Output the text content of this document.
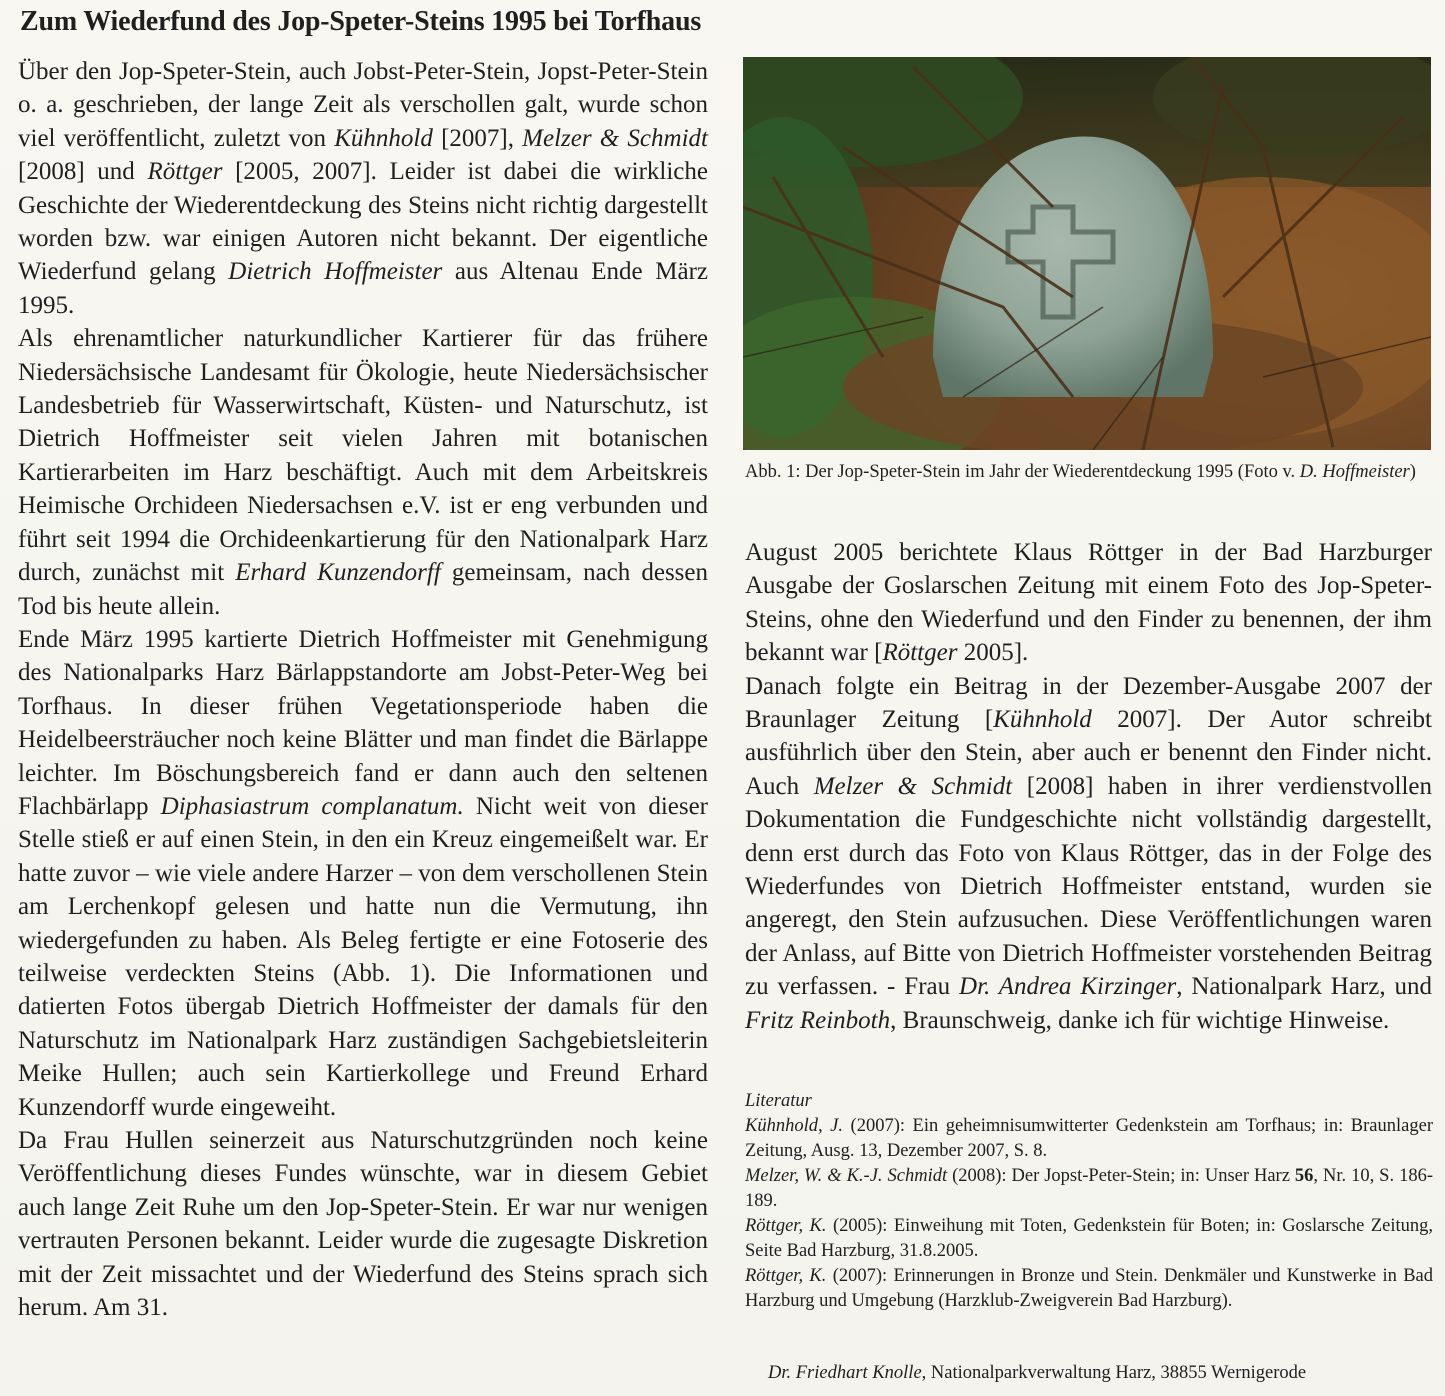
Zum Wiederfund des Jop-Speter-Steins 1995 bei Torfhaus

Über den Jop-Speter-Stein, auch Jobst-Peter-Stein, Jopst-Peter-Stein o. a. geschrieben, der lange Zeit als verschollen galt, wurde schon viel veröffentlicht, zuletzt von Kühnhold [2007], Melzer & Schmidt [2008] und Röttger [2005, 2007]. Leider ist dabei die wirkliche Geschichte der Wiederentdeckung des Steins nicht richtig dargestellt worden bzw. war einigen Autoren nicht bekannt. Der eigentliche Wiederfund gelang Dietrich Hoffmeister aus Altenau Ende März 1995.

Als ehrenamtlicher naturkundlicher Kartierer für das frühere Niedersächsische Landesamt für Ökologie, heute Niedersächsischer Landesbetrieb für Wasserwirtschaft, Küsten- und Naturschutz, ist Dietrich Hoffmeister seit vielen Jahren mit botanischen Kartierarbeiten im Harz beschäftigt. Auch mit dem Arbeitskreis Heimische Orchideen Niedersachsen e.V. ist er eng verbunden und führt seit 1994 die Orchideenkartierung für den Nationalpark Harz durch, zunächst mit Erhard Kunzendorff gemeinsam, nach dessen Tod bis heute allein.

Ende März 1995 kartierte Dietrich Hoffmeister mit Genehmigung des Nationalparks Harz Bärlappstandorte am Jobst-Peter-Weg bei Torfhaus. In dieser frühen Vegetationsperiode haben die Heidelbeersträucher noch keine Blätter und man findet die Bärlappe leichter. Im Böschungsbereich fand er dann auch den seltenen Flachbärlapp Diphasiastrum complanatum. Nicht weit von dieser Stelle stieß er auf einen Stein, in den ein Kreuz eingemeißelt war. Er hatte zuvor – wie viele andere Harzer – von dem verschollenen Stein am Lerchenkopf gelesen und hatte nun die Vermutung, ihn wiedergefunden zu haben. Als Beleg fertigte er eine Fotoserie des teilweise verdeckten Steins (Abb. 1). Die Informationen und datierten Fotos übergab Dietrich Hoffmeister der damals für den Naturschutz im Nationalpark Harz zuständigen Sachgebietsleiterin Meike Hullen; auch sein Kartierkollege und Freund Erhard Kunzendorff wurde eingeweiht.

Da Frau Hullen seinerzeit aus Naturschutzgründen noch keine Veröffentlichung dieses Fundes wünschte, war in diesem Gebiet auch lange Zeit Ruhe um den Jop-Speter-Stein. Er war nur wenigen vertrauten Personen bekannt. Leider wurde die zugesagte Diskretion mit der Zeit missachtet und der Wiederfund des Steins sprach sich herum. Am 31.

Abb. 1: Der Jop-Speter-Stein im Jahr der Wiederentdeckung 1995 (Foto v. D. Hoffmeister)

August 2005 berichtete Klaus Röttger in der Bad Harzburger Ausgabe der Goslarschen Zeitung mit einem Foto des Jop-Speter-Steins, ohne den Wiederfund und den Finder zu benennen, der ihm bekannt war [Röttger 2005].

Danach folgte ein Beitrag in der Dezember-Ausgabe 2007 der Braunlager Zeitung [Kühnhold 2007]. Der Autor schreibt ausführlich über den Stein, aber auch er benennt den Finder nicht. Auch Melzer & Schmidt [2008] haben in ihrer verdienstvollen Dokumentation die Fundgeschichte nicht vollständig dargestellt, denn erst durch das Foto von Klaus Röttger, das in der Folge des Wiederfundes von Dietrich Hoffmeister entstand, wurden sie angeregt, den Stein aufzusuchen. Diese Veröffentlichungen waren der Anlass, auf Bitte von Dietrich Hoffmeister vorstehenden Beitrag zu verfassen. - Frau Dr. Andrea Kirzinger, Nationalpark Harz, und Fritz Reinboth, Braunschweig, danke ich für wichtige Hinweise.

Literatur

Kühnhold, J. (2007): Ein geheimnisumwitterter Gedenkstein am Torfhaus; in: Braunlager Zeitung, Ausg. 13, Dezember 2007, S. 8.

Melzer, W. & K.-J. Schmidt (2008): Der Jopst-Peter-Stein; in: Unser Harz 56, Nr. 10, S. 186-189.

Röttger, K. (2005): Einweihung mit Toten, Gedenkstein für Boten; in: Goslarsche Zeitung, Seite Bad Harzburg, 31.8.2005.

Röttger, K. (2007): Erinnerungen in Bronze und Stein. Denkmäler und Kunstwerke in Bad Harzburg und Umgebung (Harzklub-Zweigverein Bad Harzburg).

Dr. Friedhart Knolle, Nationalparkverwaltung Harz, 38855 Wernigerode
